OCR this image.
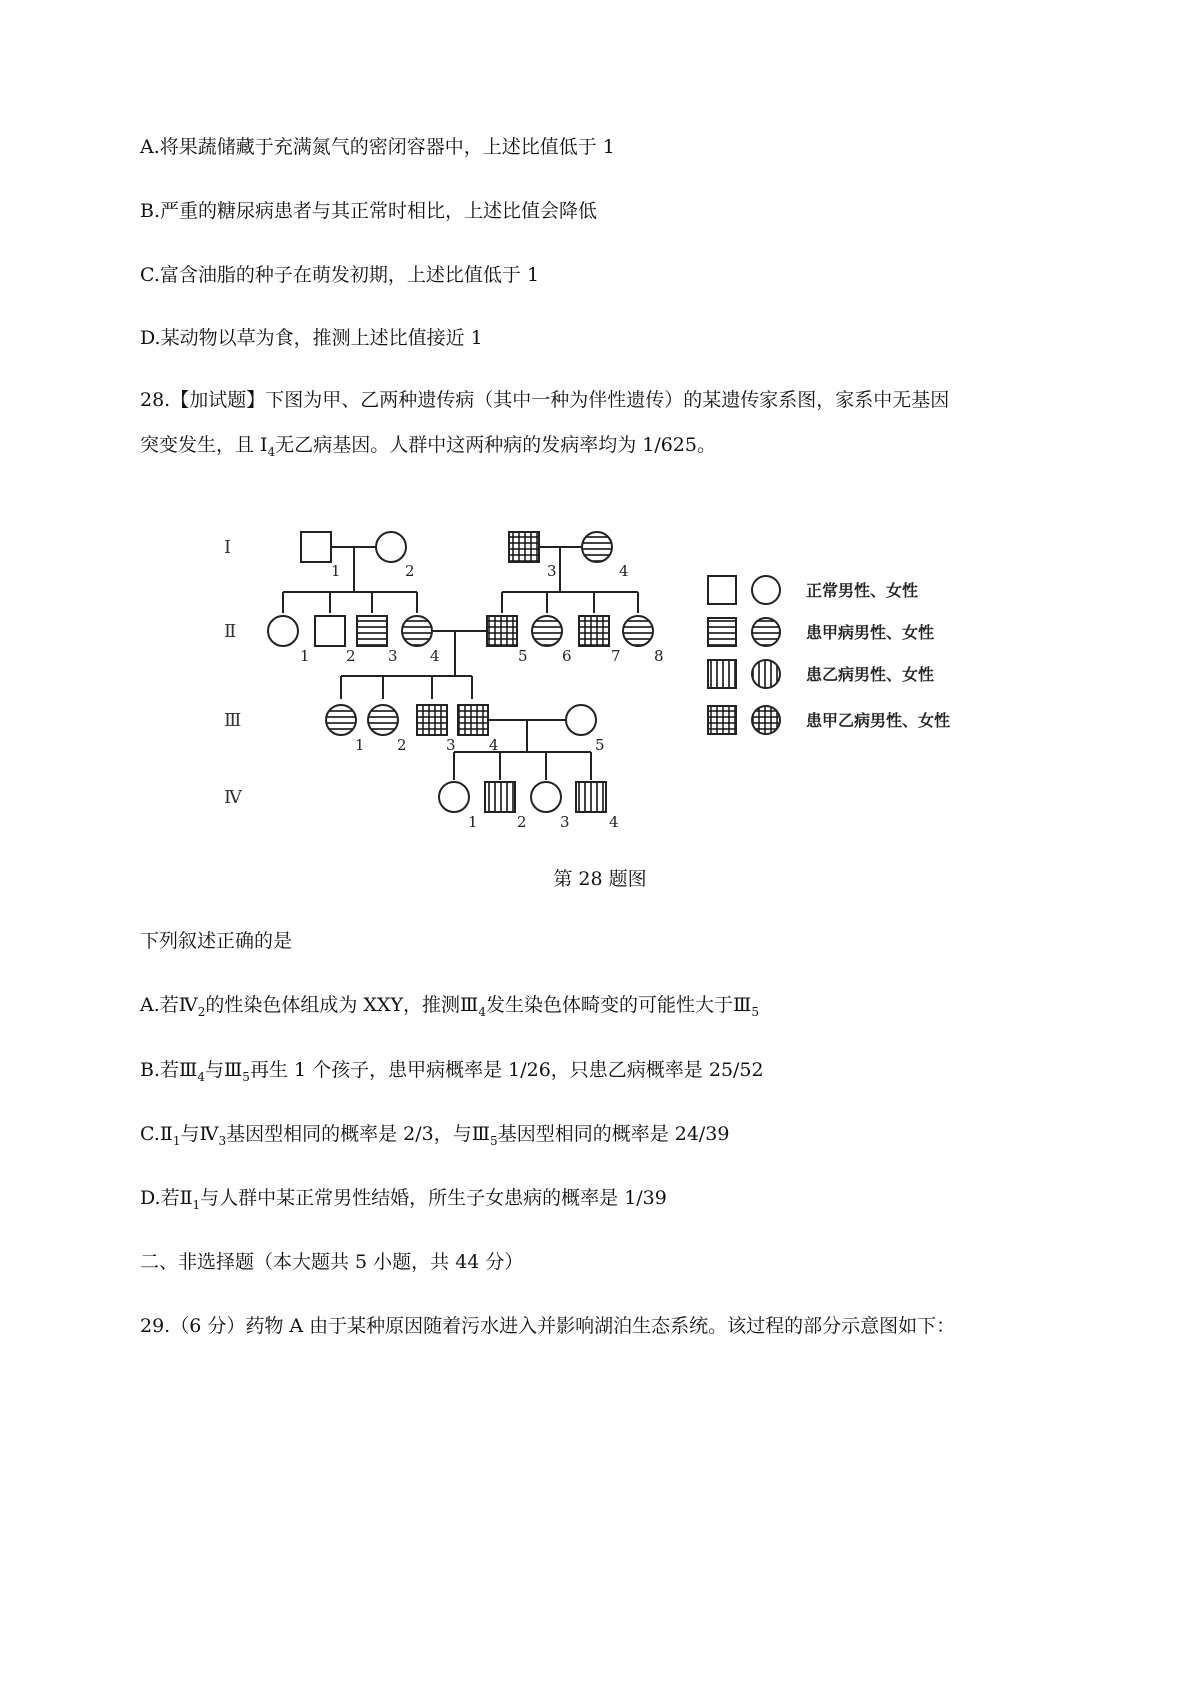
A.将果蔬储藏于充满氮气的密闭容器中，上述比值低于 1
B.严重的糖尿病患者与其正常时相比，上述比值会降低
C.富含油脂的种子在萌发初期，上述比值低于 1
D.某动物以草为食，推测上述比值接近 1
28.【加试题】下图为甲、乙两种遗传病（其中一种为伴性遗传）的某遗传家系图，家系中无基因
突变发生，且 $Ⅰ_4$无乙病基因。人群中这两种病的发病率均为 1/625。
Ⅰ
Ⅱ
Ⅲ
Ⅳ
1	2	3	4
1 2 3 4	5 6	7 8
1 2	3 4	5
1	2 3	4
正常男性、女性
患甲病男性、女性
患乙病男性、女性
患甲乙病男性、女性
第 28 题图
下列叙述正确的是
A.若$Ⅳ_2$的性染色体组成为 XXY，推测$Ⅲ_4$发生染色体畸变的可能性大于$Ⅲ_5$
B.若$Ⅲ_4$与$Ⅲ_5$再生 1 个孩子，患甲病概率是 1/26，只患乙病概率是 25/52
$C.Ⅱ_1$与$Ⅳ_3$基因型相同的概率是 2/3，与$Ⅲ_5$基因型相同的概率是 24/39
D.若$Ⅱ_1$与人群中某正常男性结婚，所生子女患病的概率是 1/39
二、非选择题（本大题共 5 小题，共 44 分）
29.（6 分）药物 A 由于某种原因随着污水进入并影响湖泊生态系统。该过程的部分示意图如下：
